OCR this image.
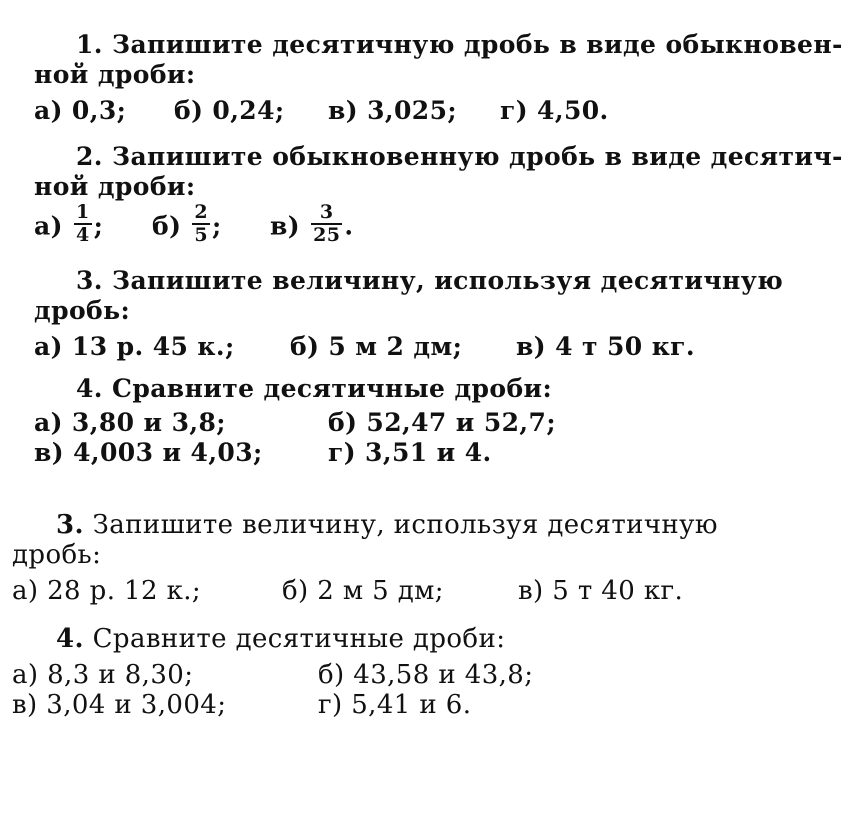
1. Запишите десятичную дробь в виде обыкновен-
ной дроби:
а) 0,3; б) 0,24; в) 3,025; г) 4,50.
2. Запишите обыкновенную дробь в виде десятич-
ной дроби:
$а) \frac{1}{4}$ ; $б) \frac{2}{5}$ ; $в) \frac{3}{25}$ .
3. Запишите величину, используя десятичную
дробь:
а) 13 р. 45 к.; б) 5 м 2 дм; в) 4 т 50 кг.
4. Сравните десятичные дроби:
а) 3,80 и 3,8;	б) 52,47 и 52,7;
в) 4,003 и 4,03;	г) 3,51 и 4.
3. Запишите величину, используя десятичную
дробь:
а) 28 р. 12 к.;	б) 2 м 5 дм;	в) 5 т 40 кг.
4. Сравните десятичные дроби:
а) 8,3 и 8,30;	б) 43,58 и 43,8;
в) 3,04 и 3,004;	г) 5,41 и 6.
